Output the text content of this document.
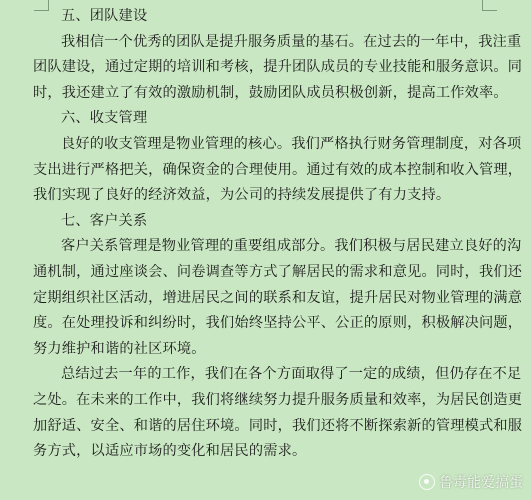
五、团队建设
我相信一个优秀的团队是提升服务质量的基石。在过去的一年中，我注重
团队建设，通过定期的培训和考核，提升团队成员的专业技能和服务意识。同
时，我还建立了有效的激励机制，鼓励团队成员积极创新，提高工作效率。
六、收支管理
良好的收支管理是物业管理的核心。我们严格执行财务管理制度，对各项
支出进行严格把关，确保资金的合理使用。通过有效的成本控制和收入管理，
我们实现了良好的经济效益，为公司的持续发展提供了有力支持。
七、客户关系
客户关系管理是物业管理的重要组成部分。我们积极与居民建立良好的沟
通机制，通过座谈会、问卷调查等方式了解居民的需求和意见。同时，我们还
定期组织社区活动，增进居民之间的联系和友谊，提升居民对物业管理的满意
度。在处理投诉和纠纷时，我们始终坚持公平、公正的原则，积极解决问题，
努力维护和谐的社区环境。
总结过去一年的工作，我们在各个方面取得了一定的成绩，但仍存在不足
之处。在未来的工作中，我们将继续努力提升服务质量和效率，为居民创造更
加舒适、安全、和谐的居住环境。同时，我们还将不断探索新的管理模式和服
务方式，以适应市场的变化和居民的需求。
鲁毒能爱搞蛋
